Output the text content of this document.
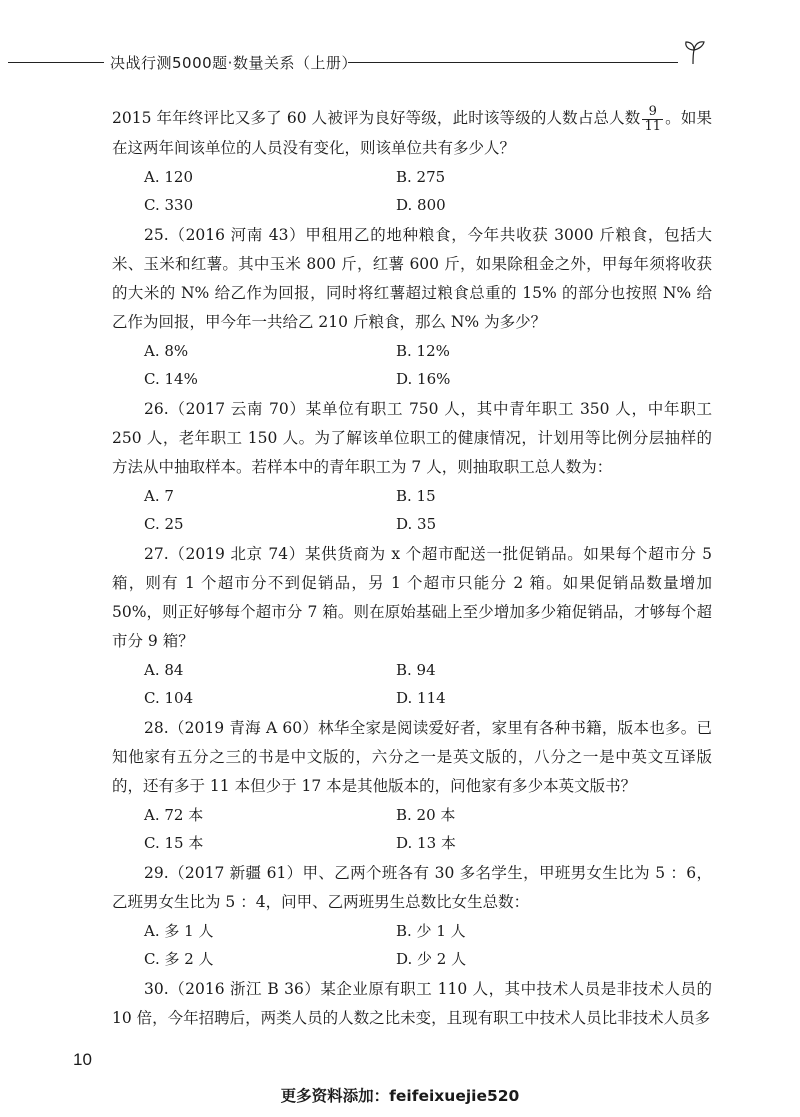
决战行测5000题·数量关系（上册）

2015 年年终评比又多了 60 人被评为良好等级，此时该等级的人数占总人数 $\frac{9}{11}$ 。如果在这两年间该单位的人员没有变化，则该单位共有多少人？

A. 120	B. 275
C. 330	D. 800

25.（2016 河南 43）甲租用乙的地种粮食，今年共收获 3000 斤粮食，包括大米、玉米和红薯。其中玉米 800 斤，红薯 600 斤，如果除租金之外，甲每年须将收获的大米的 N% 给乙作为回报，同时将红薯超过粮食总重的 15% 的部分也按照 N% 给乙作为回报，甲今年一共给乙 210 斤粮食，那么 N% 为多少？

A. 8%	B. 12%
C. 14%	D. 16%

26.（2017 云南 70）某单位有职工 750 人，其中青年职工 350 人，中年职工 250 人，老年职工 150 人。为了解该单位职工的健康情况，计划用等比例分层抽样的方法从中抽取样本。若样本中的青年职工为 7 人，则抽取职工总人数为：

A. 7	B. 15
C. 25	D. 35

27.（2019 北京 74）某供货商为 x 个超市配送一批促销品。如果每个超市分 5 箱，则有 1 个超市分不到促销品，另 1 个超市只能分 2 箱。如果促销品数量增加 50%，则正好够每个超市分 7 箱。则在原始基础上至少增加多少箱促销品，才够每个超市分 9 箱？

A. 84	B. 94
C. 104	D. 114

28.（2019 青海 A 60）林华全家是阅读爱好者，家里有各种书籍，版本也多。已知他家有五分之三的书是中文版的，六分之一是英文版的，八分之一是中英文互译版的，还有多于 11 本但少于 17 本是其他版本的，问他家有多少本英文版书？

A. 72 本	B. 20 本
C. 15 本	D. 13 本

29.（2017 新疆 61）甲、乙两个班各有 30 多名学生，甲班男女生比为 5 ：6，乙班男女生比为 5 ：4，问甲、乙两班男生总数比女生总数：

A. 多 1 人	B. 少 1 人
C. 多 2 人	D. 少 2 人

30.（2016 浙江 B 36）某企业原有职工 110 人，其中技术人员是非技术人员的 10 倍，今年招聘后，两类人员的人数之比未变，且现有职工中技术人员比非技术人员多

10
更多资料添加：feifeixuejie520
